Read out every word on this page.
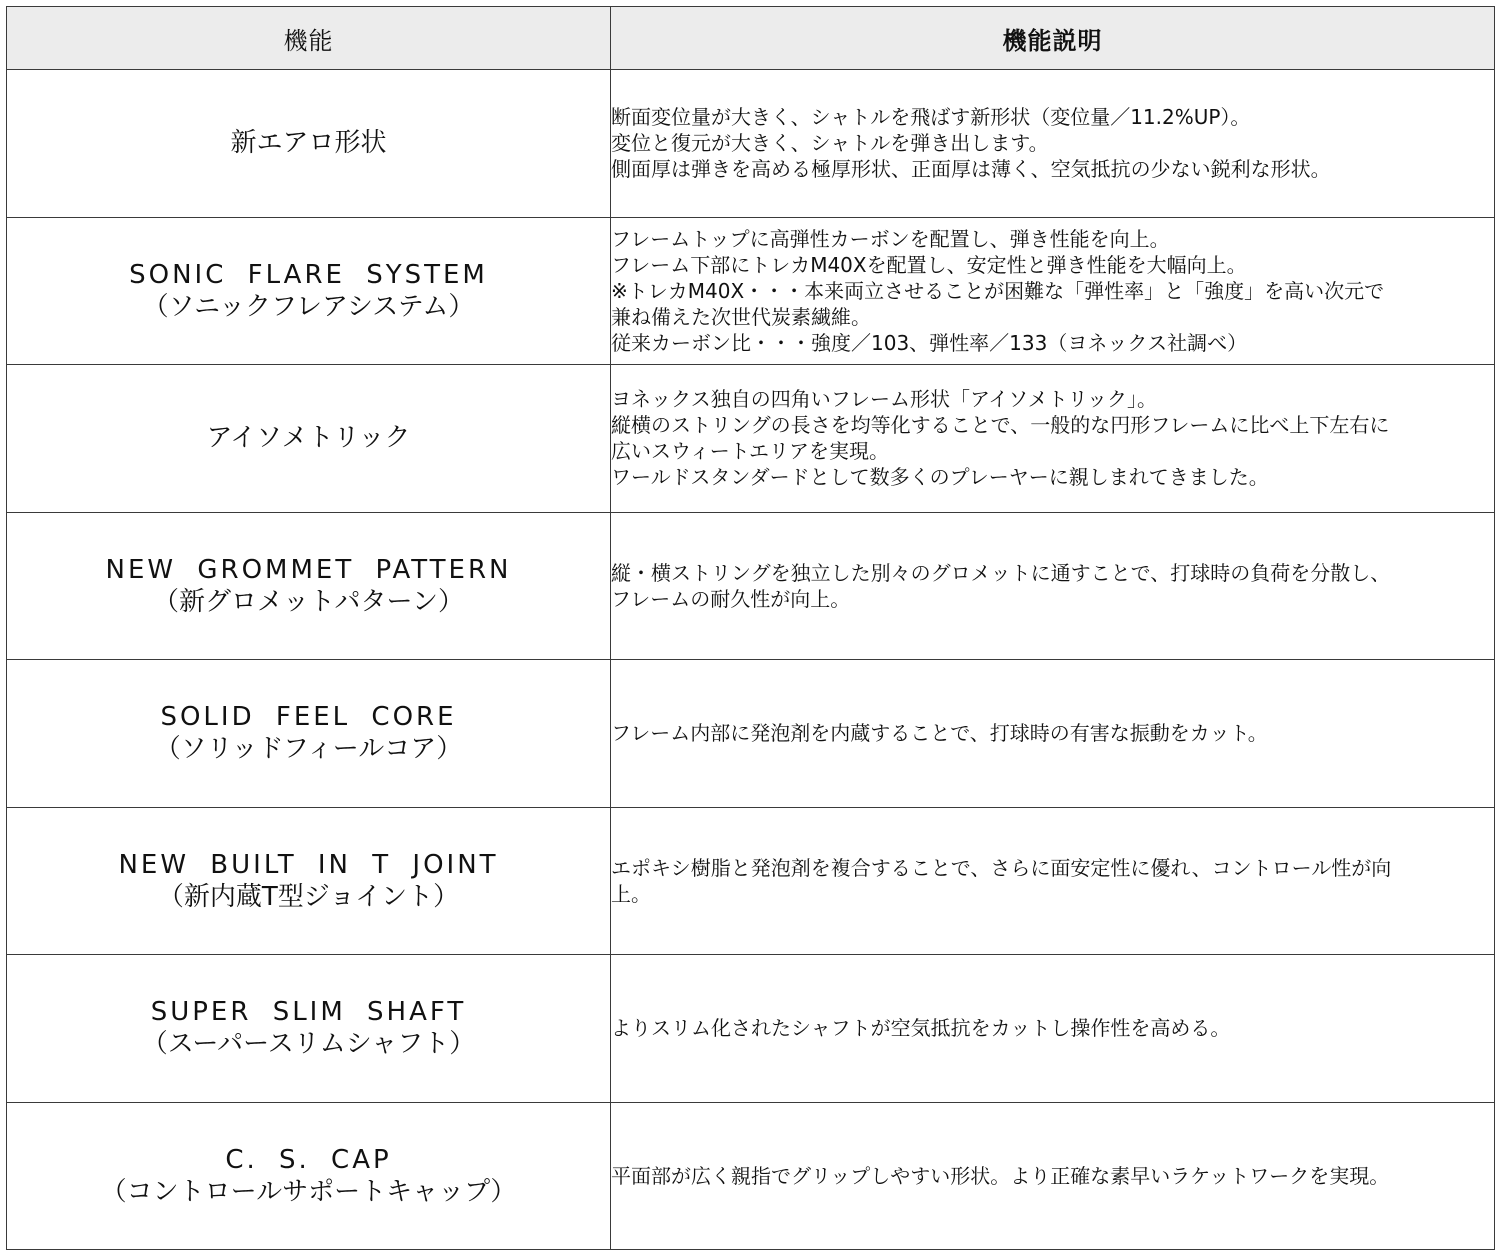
機能	機能説明

新エアロ形状	断面変位量が大きく、シャトルを飛ばす新形状（変位量／11.2%UP）。
変位と復元が大きく、シャトルを弾き出します。
側面厚は弾きを高める極厚形状、正面厚は薄く、空気抵抗の少ない鋭利な形状。

SONIC FLARE SYSTEM
（ソニックフレアシステム）	フレームトップに高弾性カーボンを配置し、弾き性能を向上。
フレーム下部にトレカM40Xを配置し、安定性と弾き性能を大幅向上。
※トレカM40X・・・本来両立させることが困難な「弾性率」と「強度」を高い次元で
兼ね備えた次世代炭素繊維。
従来カーボン比・・・強度／103、弾性率／133（ヨネックス社調べ）

アイソメトリック	ヨネックス独自の四角いフレーム形状「アイソメトリック」。
縦横のストリングの長さを均等化することで、一般的な円形フレームに比べ上下左右に
広いスウィートエリアを実現。
ワールドスタンダードとして数多くのプレーヤーに親しまれてきました。

NEW GROMMET PATTERN
（新グロメットパターン）	縦・横ストリングを独立した別々のグロメットに通すことで、打球時の負荷を分散し、
フレームの耐久性が向上。

SOLID FEEL CORE
（ソリッドフィールコア）	フレーム内部に発泡剤を内蔵することで、打球時の有害な振動をカット。

NEW BUILT IN T JOINT
（新内蔵T型ジョイント）	エポキシ樹脂と発泡剤を複合することで、さらに面安定性に優れ、コントロール性が向
上。

SUPER SLIM SHAFT
（スーパースリムシャフト）	よりスリム化されたシャフトが空気抵抗をカットし操作性を高める。

C. S. CAP
（コントロールサポートキャップ）	平面部が広く親指でグリップしやすい形状。より正確な素早いラケットワークを実現。
